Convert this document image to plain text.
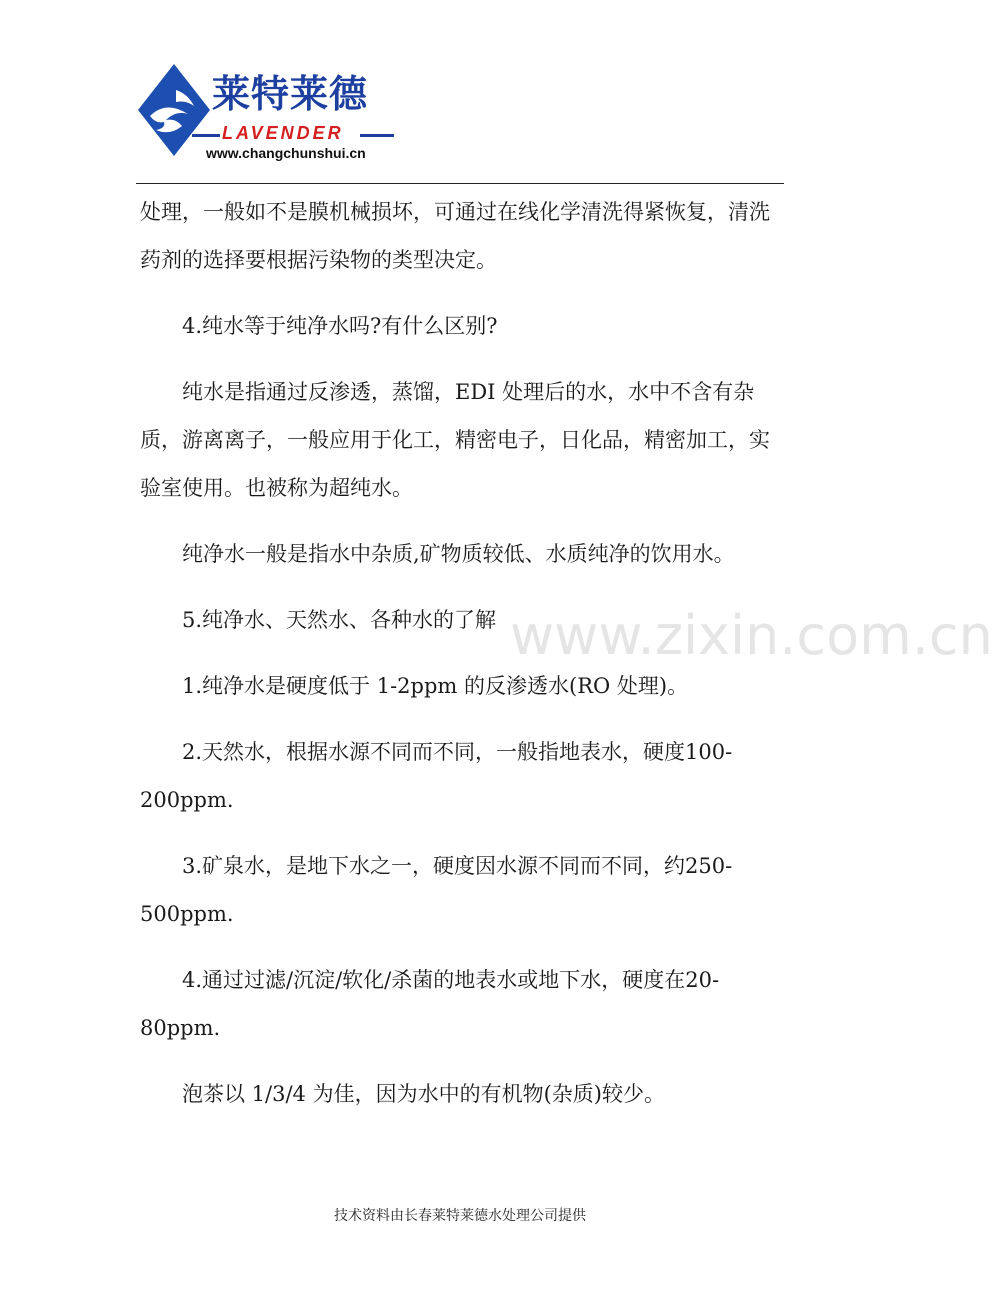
莱特莱德
LAVENDER
www.changchunshui.cn

处理，一般如不是膜机械损坏，可通过在线化学清洗得紧恢复，清洗药剂的选择要根据污染物的类型决定。

4.纯水等于纯净水吗?有什么区别?

纯水是指通过反渗透，蒸馏，EDI 处理后的水，水中不含有杂质，游离离子，一般应用于化工，精密电子，日化品，精密加工，实验室使用。也被称为超纯水。

纯净水一般是指水中杂质,矿物质较低、水质纯净的饮用水。

5.纯净水、天然水、各种水的了解

1.纯净水是硬度低于 1-2ppm 的反渗透水(RO 处理)。

2.天然水，根据水源不同而不同，一般指地表水，硬度100-200ppm.

3.矿泉水，是地下水之一，硬度因水源不同而不同，约250-500ppm.

4.通过过滤/沉淀/软化/杀菌的地表水或地下水，硬度在20-80ppm.

泡茶以 1/3/4 为佳，因为水中的有机物(杂质)较少。

www.zixin.com.cn
技术资料由长春莱特莱德水处理公司提供
